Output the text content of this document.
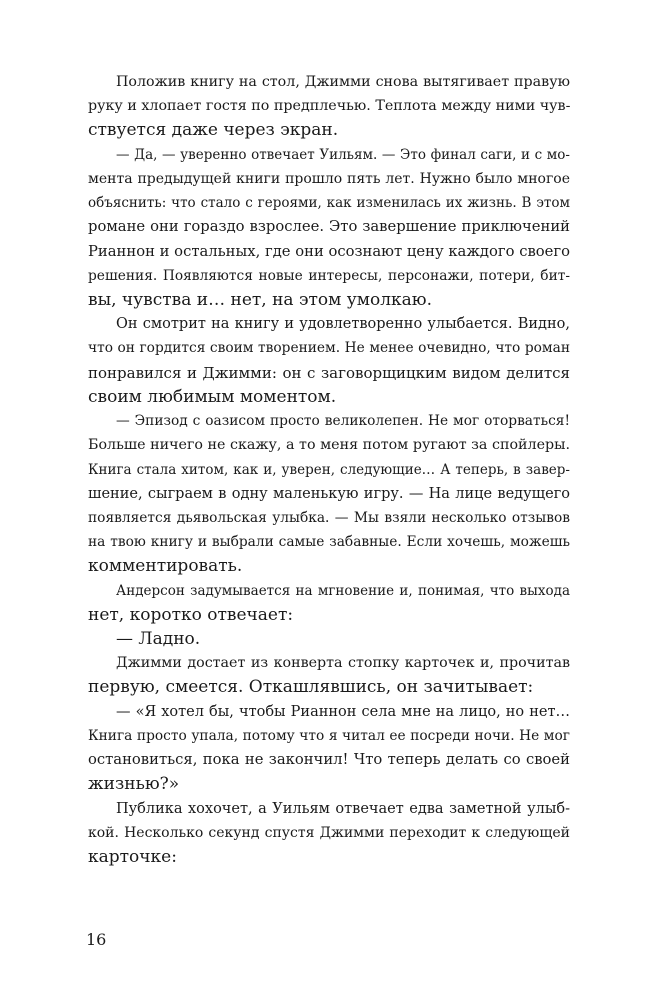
Положив книгу на стол, Джимми снова вытягивает правую
руку и хлопает гостя по предплечью. Теплота между ними чув-
ствуется даже через экран.
— Да, — уверенно отвечает Уильям. — Это финал саги, и с мо-
мента предыдущей книги прошло пять лет. Нужно было многое
объяснить: что стало с героями, как изменилась их жизнь. В этом
романе они гораздо взрослее. Это завершение приключений
Рианнон и остальных, где они осознают цену каждого своего
решения. Появляются новые интересы, персонажи, потери, бит-
вы, чувства и… нет, на этом умолкаю.
Он смотрит на книгу и удовлетворенно улыбается. Видно,
что он гордится своим творением. Не менее очевидно, что роман
понравился и Джимми: он с заговорщицким видом делится
своим любимым моментом.
— Эпизод с оазисом просто великолепен. Не мог оторваться!
Больше ничего не скажу, а то меня потом ругают за спойлеры.
Книга стала хитом, как и, уверен, следующие… А теперь, в завер-
шение, сыграем в одну маленькую игру. — На лице ведущего
появляется дьявольская улыбка. — Мы взяли несколько отзывов
на твою книгу и выбрали самые забавные. Если хочешь, можешь
комментировать.
Андерсон задумывается на мгновение и, понимая, что выхода
нет, коротко отвечает:
— Ладно.
Джимми достает из конверта стопку карточек и, прочитав
первую, смеется. Откашлявшись, он зачитывает:
— «Я хотел бы, чтобы Рианнон села мне на лицо, но нет…
Книга просто упала, потому что я читал ее посреди ночи. Не мог
остановиться, пока не закончил! Что теперь делать со своей
жизнью?»
Публика хохочет, а Уильям отвечает едва заметной улыб-
кой. Несколько секунд спустя Джимми переходит к следующей
карточке:
16
